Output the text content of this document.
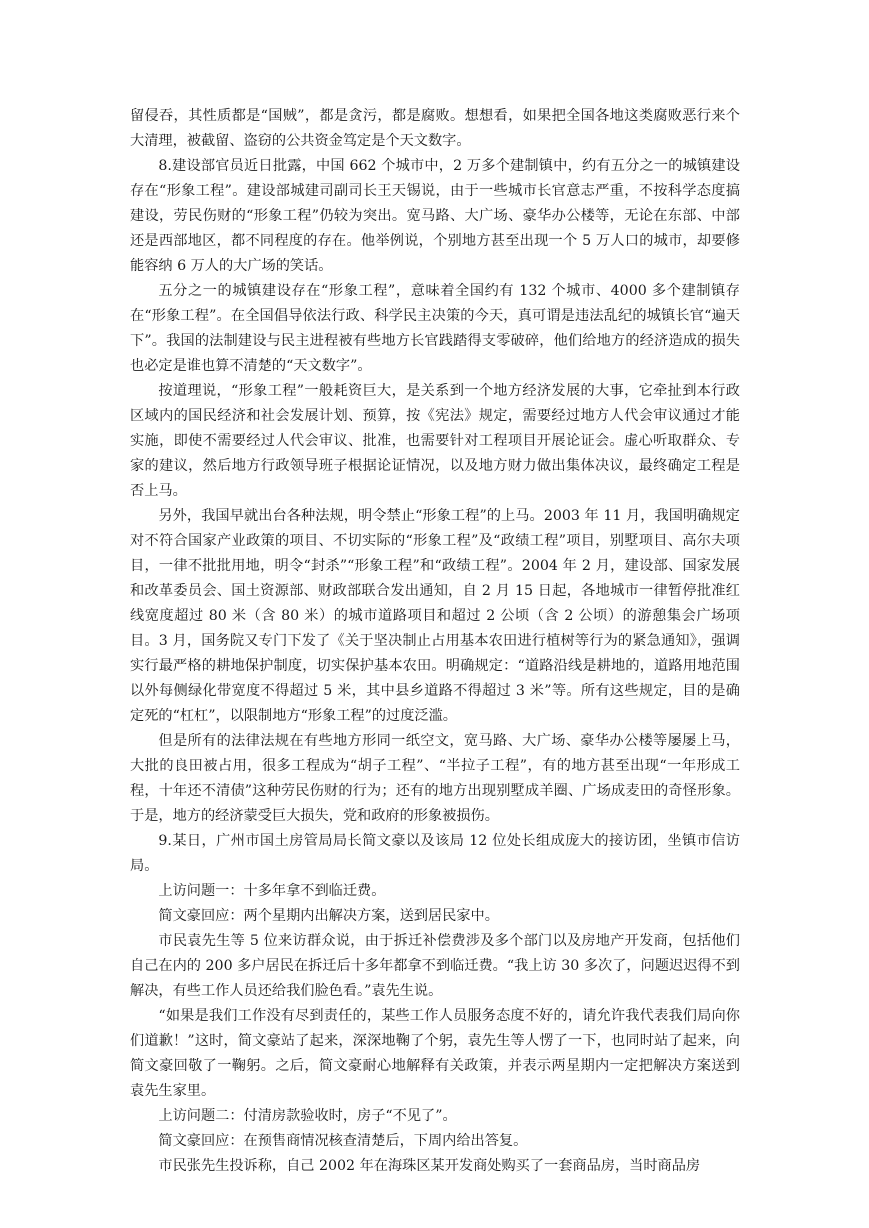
留侵吞，其性质都是“国贼”，都是贪污，都是腐败。想想看，如果把全国各地这类腐败恶行来个大清理，被截留、盗窃的公共资金笃定是个天文数字。

8.建设部官员近日批露，中国 662 个城市中，2 万多个建制镇中，约有五分之一的城镇建设存在“形象工程”。建设部城建司副司长王天锡说，由于一些城市长官意志严重，不按科学态度搞建设，劳民伤财的“形象工程”仍较为突出。宽马路、大广场、豪华办公楼等，无论在东部、中部还是西部地区，都不同程度的存在。他举例说，个别地方甚至出现一个 5 万人口的城市，却要修能容纳 6 万人的大广场的笑话。

五分之一的城镇建设存在“形象工程”，意味着全国约有 132 个城市、4000 多个建制镇存在“形象工程”。在全国倡导依法行政、科学民主决策的今天，真可谓是违法乱纪的城镇长官“遍天下”。我国的法制建设与民主进程被有些地方长官践踏得支零破碎，他们给地方的经济造成的损失也必定是谁也算不清楚的“天文数字”。

按道理说，“形象工程”一般耗资巨大，是关系到一个地方经济发展的大事，它牵扯到本行政区域内的国民经济和社会发展计划、预算，按《宪法》规定，需要经过地方人代会审议通过才能实施，即使不需要经过人代会审议、批准，也需要针对工程项目开展论证会。虚心听取群众、专家的建议，然后地方行政领导班子根据论证情况，以及地方财力做出集体决议，最终确定工程是否上马。

另外，我国早就出台各种法规，明令禁止“形象工程”的上马。2003 年 11 月，我国明确规定对不符合国家产业政策的项目、不切实际的“形象工程”及“政绩工程”项目，别墅项目、高尔夫项目，一律不批批用地，明令“封杀”“形象工程”和“政绩工程”。2004 年 2 月，建设部、国家发展和改革委员会、国土资源部、财政部联合发出通知，自 2 月 15 日起，各地城市一律暂停批准红线宽度超过 80 米（含 80 米）的城市道路项目和超过 2 公顷（含 2 公顷）的游憩集会广场项目。3 月，国务院又专门下发了《关于坚决制止占用基本农田进行植树等行为的紧急通知》，强调实行最严格的耕地保护制度，切实保护基本农田。明确规定：“道路沿线是耕地的，道路用地范围以外每侧绿化带宽度不得超过 5 米，其中县乡道路不得超过 3 米”等。所有这些规定，目的是确定死的“杠杠”，以限制地方“形象工程”的过度泛滥。

但是所有的法律法规在有些地方形同一纸空文，宽马路、大广场、豪华办公楼等屡屡上马，大批的良田被占用，很多工程成为“胡子工程”、“半拉子工程”，有的地方甚至出现“一年形成工程，十年还不清债”这种劳民伤财的行为；还有的地方出现别墅成羊圈、广场成麦田的奇怪形象。于是，地方的经济蒙受巨大损失，党和政府的形象被损伤。

9.某日，广州市国土房管局局长简文豪以及该局 12 位处长组成庞大的接访团，坐镇市信访局。

上访问题一：十多年拿不到临迁费。

简文豪回应：两个星期内出解决方案，送到居民家中。

市民袁先生等 5 位来访群众说，由于拆迁补偿费涉及多个部门以及房地产开发商，包括他们自己在内的 200 多户居民在拆迁后十多年都拿不到临迁费。“我上访 30 多次了，问题迟迟得不到解决，有些工作人员还给我们脸色看。”袁先生说。

“如果是我们工作没有尽到责任的，某些工作人员服务态度不好的，请允许我代表我们局向你们道歉！”这时，简文豪站了起来，深深地鞠了个躬，袁先生等人愣了一下，也同时站了起来，向简文豪回敬了一鞠躬。之后，简文豪耐心地解释有关政策，并表示两星期内一定把解决方案送到袁先生家里。

上访问题二：付清房款验收时，房子“不见了”。

简文豪回应：在预售商情况核查清楚后，下周内给出答复。

市民张先生投诉称，自己 2002 年在海珠区某开发商处购买了一套商品房，当时商品房
